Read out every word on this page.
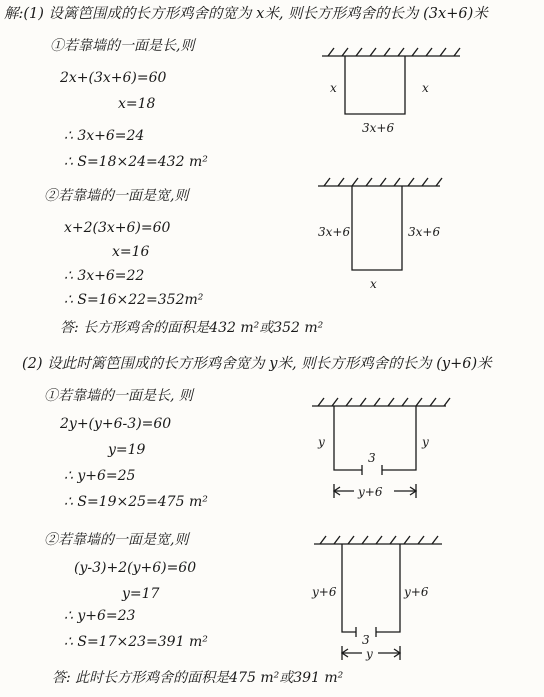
解:(1) 设篱笆围成的长方形鸡舍的宽为 x米, 则长方形鸡舍的长为 (3x+6)米
①若靠墙的一面是长,则
2x+(3x+6)=60
x=18
∴ 3x+6=24
∴ S=18×24=432 m²
②若靠墙的一面是宽,则
x+2(3x+6)=60
x=16
∴ 3x+6=22
∴ S=16×22=352m²
答: 长方形鸡舍的面积是432 m²或352 m²
(2) 设此时篱笆围成的长方形鸡舍宽为 y米, 则长方形鸡舍的长为 (y+6)米
①若靠墙的一面是长, 则
2y+(y+6-3)=60
y=19
∴ y+6=25
∴ S=19×25=475 m²
②若靠墙的一面是宽,则
(y-3)+2(y+6)=60
y=17
∴ y+6=23
∴ S=17×23=391 m²
答: 此时长方形鸡舍的面积是475 m²或391 m²
x	x
3x+6
3x+6	3x+6
x
y	y
3
y+6
y+6	y+6
3
y
